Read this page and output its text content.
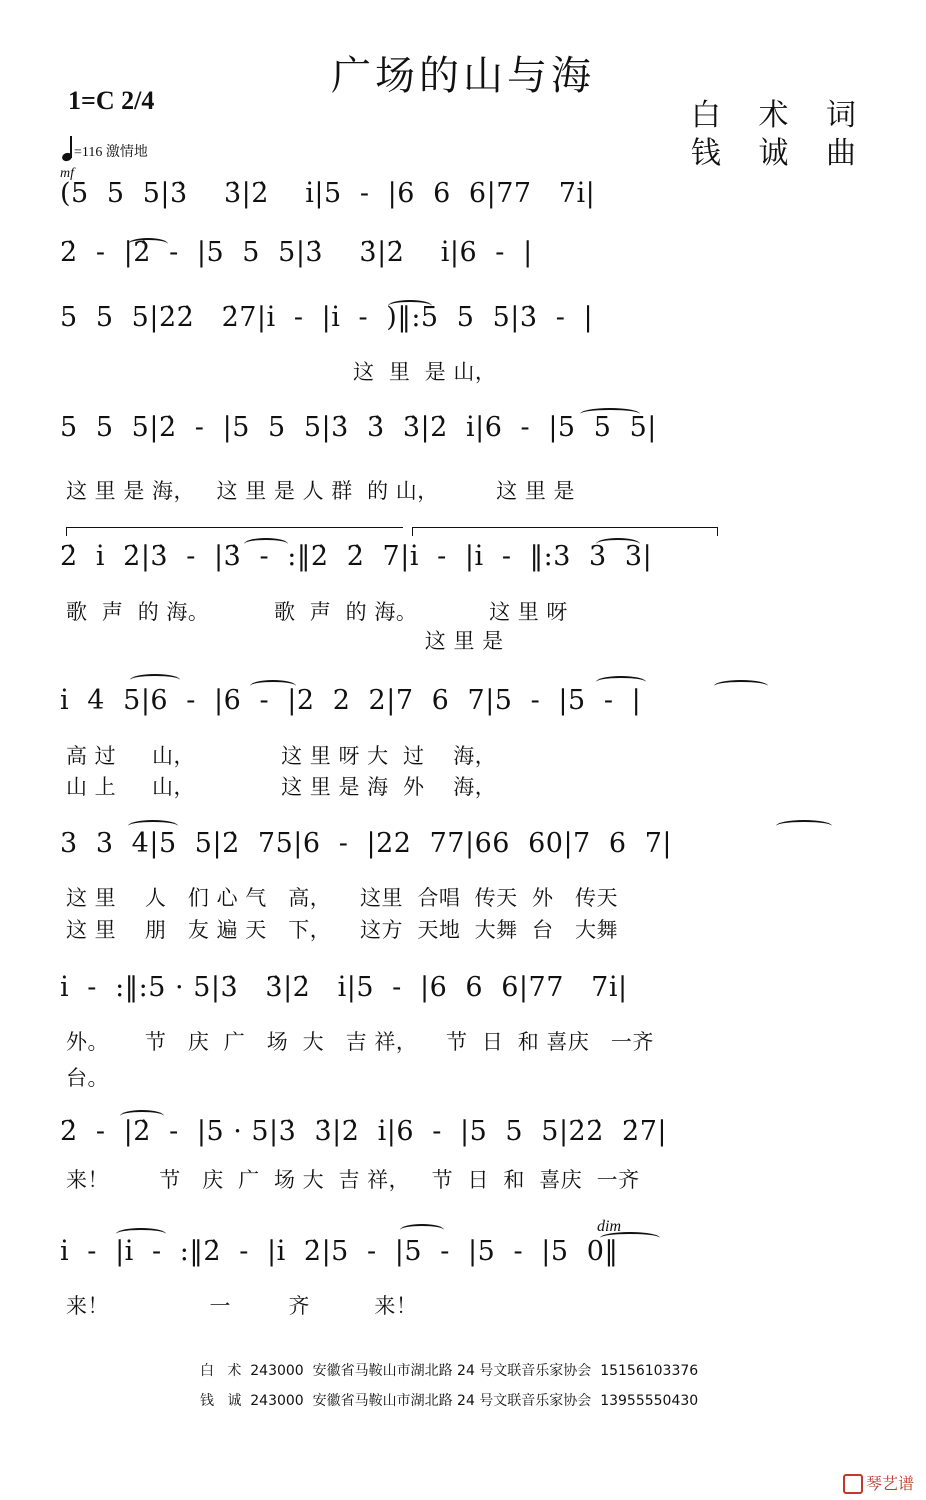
广场的山与海
1=C 2/4	白 术 词
钱 诚 曲
=116 激情地
mf
(5  5  5|3̇    3̇|2̇    i̇|5  -  |6  6  6|77   7i̇|
2̇  -  |2̇  -  |5  5  5|3̇    3̇|2̇    i̇|6  -  |
5  5  5|2̇2̇   2̇7|i̇  -  |i̇  -  )‖:5  5  5|3̇  -  |
5  5  5|2̇  -  |5  5  5|3̇  3̇  3̇|2̇  i̇|6  -  |5  5  5|
2̇  i̇  2̇|3̇  -  |3̇  -  :‖2̇  2̇  7|i̇  -  |i̇  -  ‖:3  3  3|
i̇  4  5|6  -  |6  -  |2  2  2|7  6  7|5  -  |5  -  |
3  3  4|5  5|2̇  75|6  -  |22  77|66  60|7  6  7|
i̇  -  :‖:5 · 5|3̇   3̇|2̇   i̇|5  -  |6  6  6|77   7i̇|
2̇  -  |2̇  -  |5 · 5|3̇  3̇|2̇  i̇|6  -  |5  5  5|2̇2̇  2̇7|
i̇  -  |i̇  -  :‖2̇  -  |i̇  2̇|5  -  |5  -  |5  -  |5  0‖
这  里  是 山，
这 里 是 海，   这 里 是 人 群  的 山，        这 里 是
歌  声  的 海。         歌  声  的 海。          这 里 呀
这 里 是
高 过     山，            这 里 呀 大  过    海，
山 上     山，            这 里 是 海  外    海，
这 里    人   们 心 气   高，    这里  合唱  传天  外   传天
这 里    朋   友 遍 天   下，    这方  天地  大舞  台   大舞
外。     节   庆  广   场  大   吉 祥，    节  日  和 喜庆   一齐
台。
来！       节   庆  广  场 大  吉 祥，   节  日  和  喜庆  一齐
来！              一        齐         来！
dim
白   术  243000  安徽省马鞍山市湖北路 24 号文联音乐家协会  15156103376
钱   诚  243000  安徽省马鞍山市湖北路 24 号文联音乐家协会  13955550430
琴艺谱
